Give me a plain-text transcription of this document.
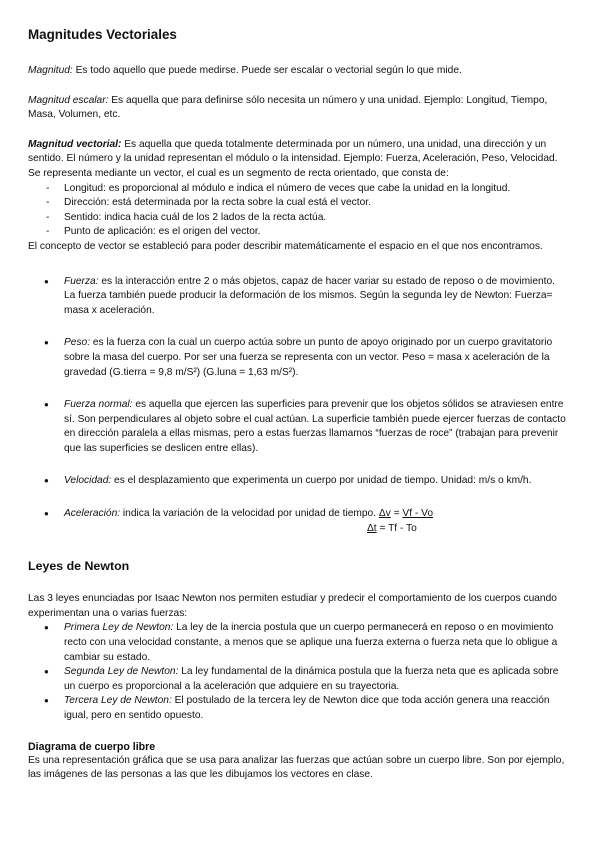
Magnitudes Vectoriales

Magnitud: Es todo aquello que puede medirse. Puede ser escalar o vectorial según lo que mide.

Magnitud escalar: Es aquella que para definirse sólo necesita un número y una unidad. Ejemplo: Longitud, Tiempo, Masa, Volumen, etc.

Magnitud vectorial: Es aquella que queda totalmente determinada por un número, una unidad, una dirección y un sentido. El número y la unidad representan el módulo o la intensidad. Ejemplo: Fuerza, Aceleración, Peso, Velocidad.

Se representa mediante un vector, el cual es un segmento de recta orientado, que consta de:

- Longitud: es proporcional al módulo e indica el número de veces que cabe la unidad en la longitud.
- Dirección: está determinada por la recta sobre la cual está el vector.
- Sentido: indica hacia cuál de los 2 lados de la recta actúa.
- Punto de aplicación: es el origen del vector.

El concepto de vector se estableció para poder describir matemáticamente el espacio en el que nos encontramos.

● Fuerza: es la interacción entre 2 o más objetos, capaz de hacer variar su estado de reposo o de movimiento. La fuerza también puede producir la deformación de los mismos. Según la segunda ley de Newton: Fuerza= masa x aceleración.
● Peso: es la fuerza con la cual un cuerpo actúa sobre un punto de apoyo originado por un cuerpo gravitatorio sobre la masa del cuerpo. Por ser una fuerza se representa con un vector. Peso = masa x aceleración de la gravedad (G.tierra = 9,8 m/S²) (G.luna = 1,63 m/S²).
● Fuerza normal: es aquella que ejercen las superficies para prevenir que los objetos sólidos se atraviesen entre sí. Son perpendiculares al objeto sobre el cual actúan. La superficie también puede ejercer fuerzas de contacto en dirección paralela a ellas mismas, pero a estas fuerzas llamamos “fuerzas de roce” (trabajan para prevenir que las superficies se deslicen entre ellas).
● Velocidad: es el desplazamiento que experimenta un cuerpo por unidad de tiempo. Unidad: m/s o km/h.
● Aceleración: indica la variación de la velocidad por unidad de tiempo. Δv = Vf - Vo
Δt = Tf - To
Leyes de Newton

Las 3 leyes enunciadas por Isaac Newton nos permiten estudiar y predecir el comportamiento de los cuerpos cuando experimentan una o varias fuerzas:

● Primera Ley de Newton: La ley de la inercia postula que un cuerpo permanecerá en reposo o en movimiento recto con una velocidad constante, a menos que se aplique una fuerza externa o fuerza neta que lo obligue a cambiar su estado.
● Segunda Ley de Newton: La ley fundamental de la dinámica postula que la fuerza neta que es aplicada sobre un cuerpo es proporcional a la aceleración que adquiere en su trayectoria.
● Tercera Ley de Newton: El postulado de la tercera ley de Newton dice que toda acción genera una reacción igual, pero en sentido opuesto.
Diagrama de cuerpo libre

Es una representación gráfica que se usa para analizar las fuerzas que actúan sobre un cuerpo libre. Son por ejemplo, las imágenes de las personas a las que les dibujamos los vectores en clase.
